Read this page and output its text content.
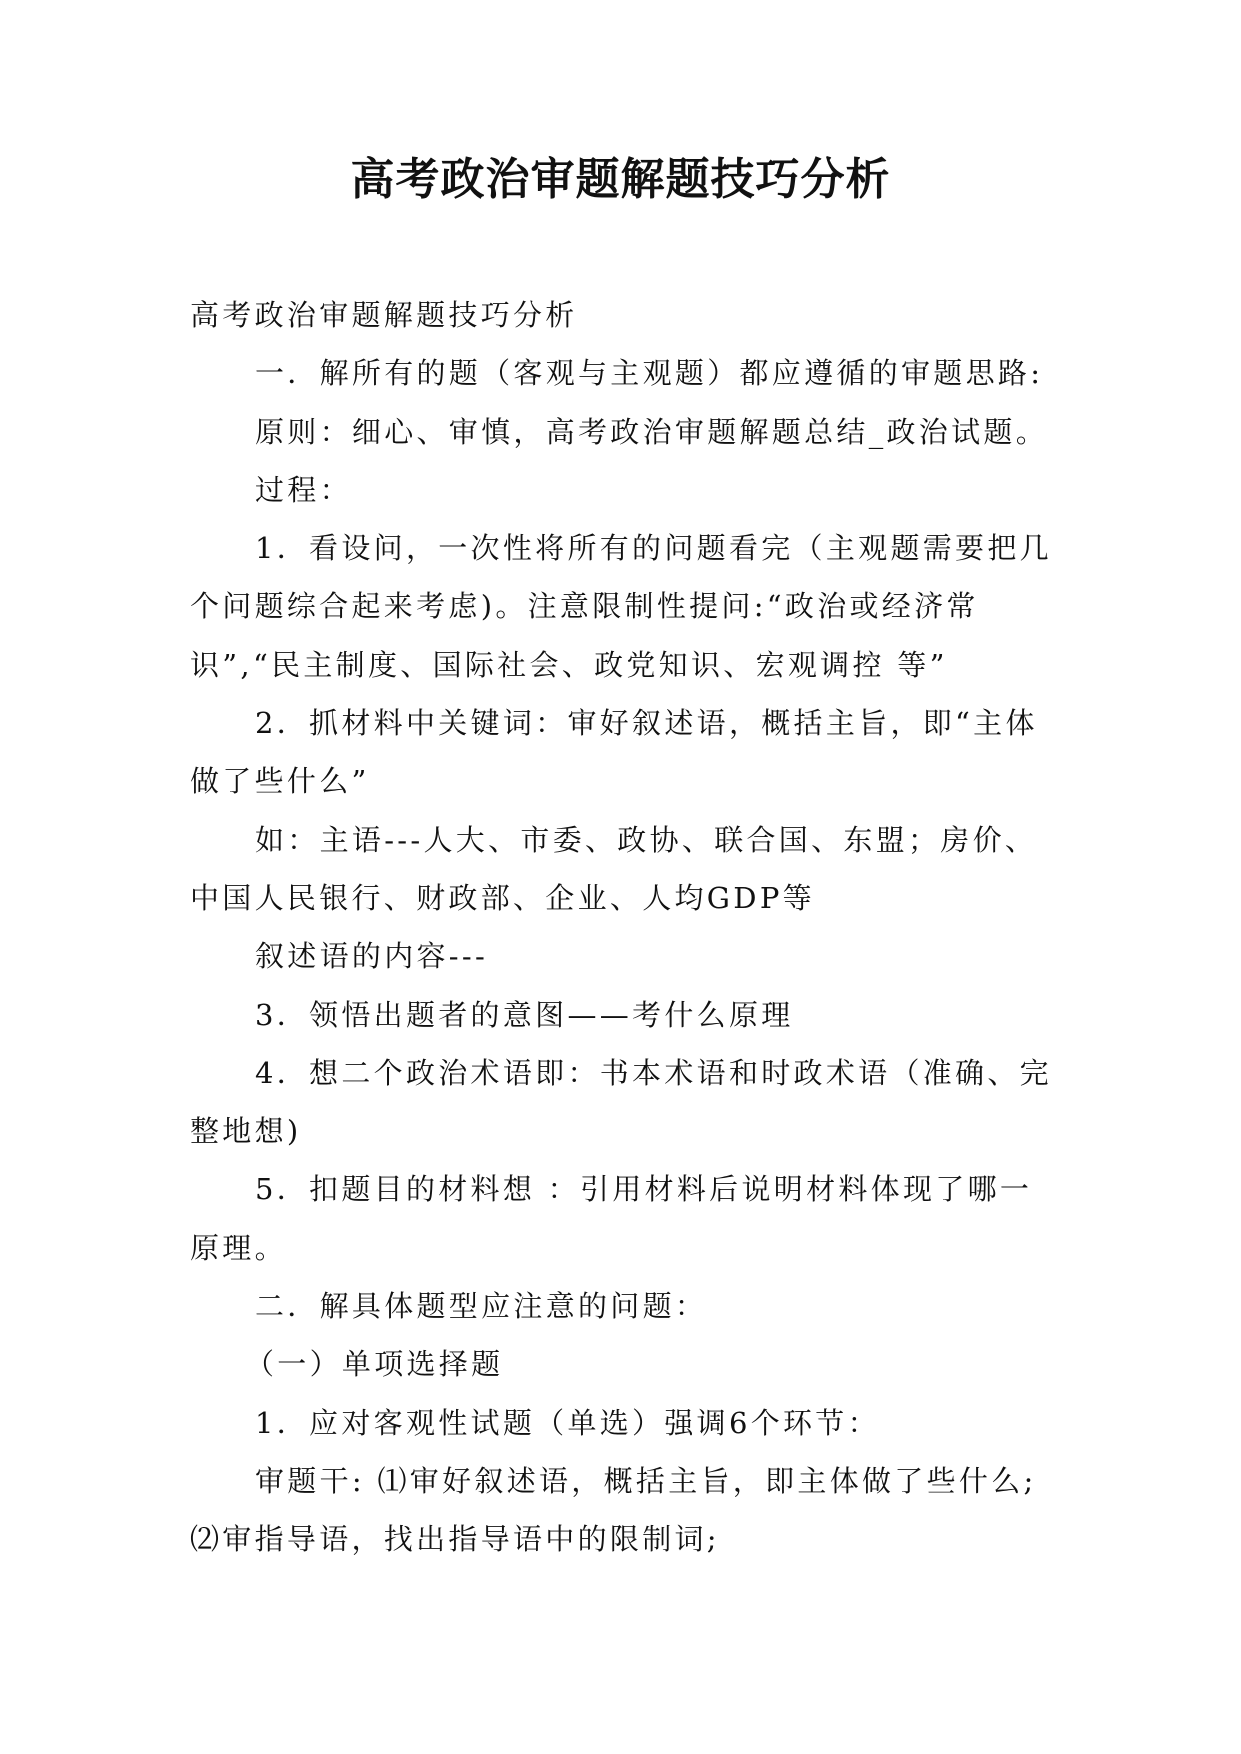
高考政治审题解题技巧分析

高考政治审题解题技巧分析

一．解所有的题（客观与主观题）都应遵循的审题思路:

原则：细心、审慎，高考政治审题解题总结_政治试题。

过程：

1．看设问，一次性将所有的问题看完（主观题需要把几个问题综合起来考虑)。注意限制性提问:“政治或经济常识”,“民主制度、国际社会、政党知识、宏观调控 等”

2．抓材料中关键词：审好叙述语，概括主旨，即“主体做了些什么”

如：主语---人大、市委、政协、联合国、东盟；房价、中国人民银行、财政部、企业、人均GDP等

叙述语的内容---

3．领悟出题者的意图——考什么原理

4．想二个政治术语即：书本术语和时政术语（准确、完整地想)

5．扣题目的材料想 ：引用材料后说明材料体现了哪一原理。

二．解具体题型应注意的问题：

（一）单项选择题

1．应对客观性试题（单选）强调6个环节：

审题干: ⑴审好叙述语，概括主旨，即主体做了些什么; ⑵审指导语，找出指导语中的限制词;
